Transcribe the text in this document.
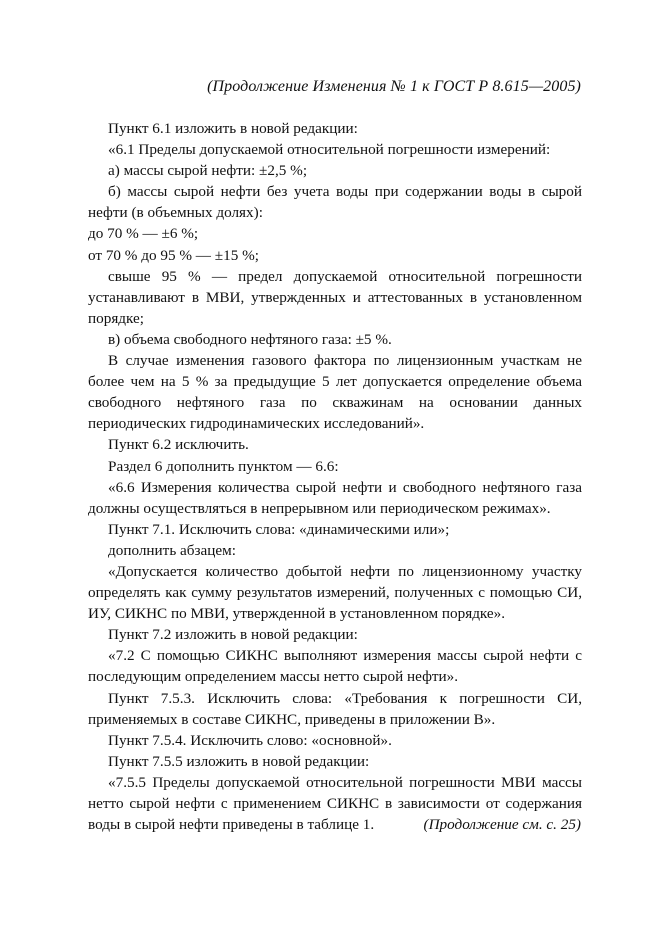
(Продолжение Изменения № 1 к ГОСТ Р 8.615—2005)

Пункт 6.1 изложить в новой редакции:

«6.1 Пределы допускаемой относительной погрешности измерений:

а) массы сырой нефти: ±2,5 %;

б) массы сырой нефти без учета воды при содержании воды в сырой нефти (в объемных долях):

до 70 % — ±6 %;

от 70 % до 95 % — ±15 %;

свыше 95 % — предел допускаемой относительной погрешности устанавливают в МВИ, утвержденных и аттестованных в установленном порядке;

в) объема свободного нефтяного газа: ±5 %.

В случае изменения газового фактора по лицензионным участкам не более чем на 5 % за предыдущие 5 лет допускается определение объема свободного нефтяного газа по скважинам на основании данных периодических гидродинамических исследований».

Пункт 6.2 исключить.

Раздел 6 дополнить пунктом — 6.6:

«6.6 Измерения количества сырой нефти и свободного нефтяного газа должны осуществляться в непрерывном или периодическом режимах».

Пункт 7.1. Исключить слова: «динамическими или»;

дополнить абзацем:

«Допускается количество добытой нефти по лицензионному участку определять как сумму результатов измерений, полученных с помощью СИ, ИУ, СИКНС по МВИ, утвержденной в установленном порядке».

Пункт 7.2 изложить в новой редакции:

«7.2 С помощью СИКНС выполняют измерения массы сырой нефти с последующим определением массы нетто сырой нефти».

Пункт 7.5.3. Исключить слова: «Требования к погрешности СИ, применяемых в составе СИКНС, приведены в приложении В».

Пункт 7.5.4. Исключить слово: «основной».

Пункт 7.5.5 изложить в новой редакции:

«7.5.5 Пределы допускаемой относительной погрешности МВИ массы нетто сырой нефти с применением СИКНС в зависимости от содержания воды в сырой нефти приведены в таблице 1.	(Продолжение см. с. 25)
